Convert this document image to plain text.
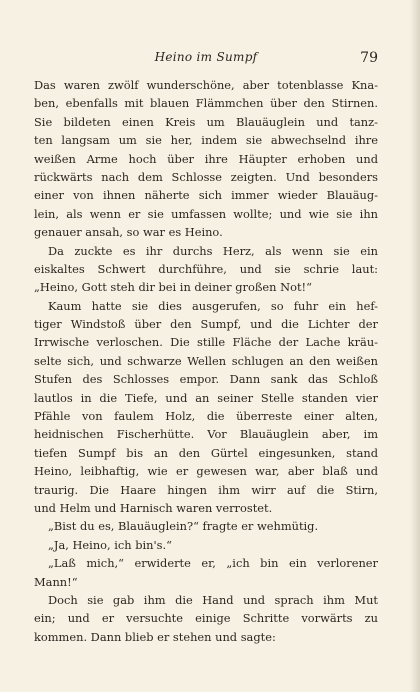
Heino im Sumpf	79
Das waren zwölf wunderschöne, aber totenblasse Kna-
ben, ebenfalls mit blauen Flämmchen über den Stirnen.
Sie bildeten einen Kreis um Blauäuglein und tanz-
ten langsam um sie her, indem sie abwechselnd ihre
weißen Arme hoch über ihre Häupter erhoben und
rückwärts nach dem Schlosse zeigten. Und besonders
einer von ihnen näherte sich immer wieder Blauäug-
lein, als wenn er sie umfassen wollte; und wie sie ihn
genauer ansah, so war es Heino.
Da zuckte es ihr durchs Herz, als wenn sie ein
eiskaltes Schwert durchführe, und sie schrie laut:
„Heino, Gott steh dir bei in deiner großen Not!“
Kaum hatte sie dies ausgerufen, so fuhr ein hef-
tiger Windstoß über den Sumpf, und die Lichter der
Irrwische verloschen. Die stille Fläche der Lache kräu-
selte sich, und schwarze Wellen schlugen an den weißen
Stufen des Schlosses empor. Dann sank das Schloß
lautlos in die Tiefe, und an seiner Stelle standen vier
Pfähle von faulem Holz, die überreste einer alten,
heidnischen Fischerhütte. Vor Blauäuglein aber, im
tiefen Sumpf bis an den Gürtel eingesunken, stand
Heino, leibhaftig, wie er gewesen war, aber blaß und
traurig. Die Haare hingen ihm wirr auf die Stirn,
und Helm und Harnisch waren verrostet.
„Bist du es, Blauäuglein?“ fragte er wehmütig.
„Ja, Heino, ich bin's.“
„Laß mich,“ erwiderte er, „ich bin ein verlorener
Mann!“
Doch sie gab ihm die Hand und sprach ihm Mut
ein; und er versuchte einige Schritte vorwärts zu
kommen. Dann blieb er stehen und sagte:
